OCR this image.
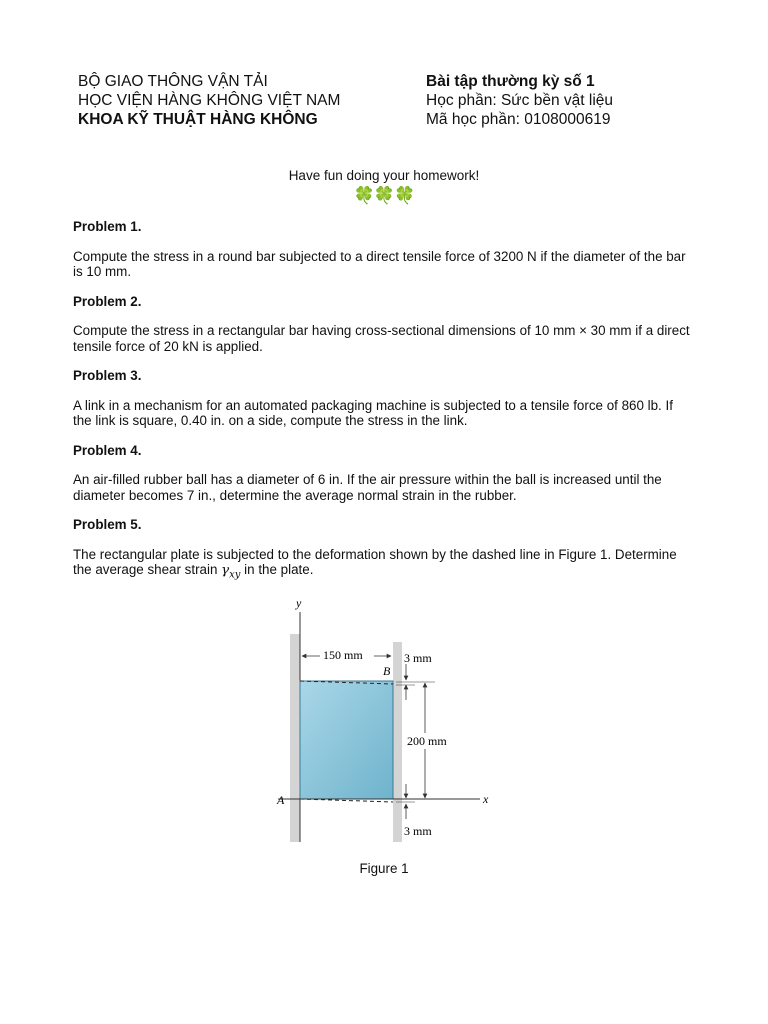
BỘ GIAO THÔNG VẬN TẢI
HỌC VIỆN HÀNG KHÔNG VIỆT NAM
KHOA KỸ THUẬT HÀNG KHÔNG
Bài tập thường kỳ số 1
Học phần: Sức bền vật liệu
Mã học phần: 0108000619
Have fun doing your homework!
🍀🍀🍀
Problem 1.
Compute the stress in a round bar subjected to a direct tensile force of 3200 N if the diameter of the bar is 10 mm.
Problem 2.
Compute the stress in a rectangular bar having cross-sectional dimensions of 10 mm × 30 mm if a direct tensile force of 20 kN is applied.
Problem 3.
A link in a mechanism for an automated packaging machine is subjected to a tensile force of 860 lb. If the link is square, 0.40 in. on a side, compute the stress in the link.
Problem 4.
An air-filled rubber ball has a diameter of 6 in. If the air pressure within the ball is increased until the diameter becomes 7 in., determine the average normal strain in the rubber.
Problem 5.
The rectangular plate is subjected to the deformation shown by the dashed line in Figure 1. Determine the average shear strain $\gamma_{xy}$ in the plate.
y
x
A
B
150 mm	3 mm
200 mm
3 mm
Figure 1
